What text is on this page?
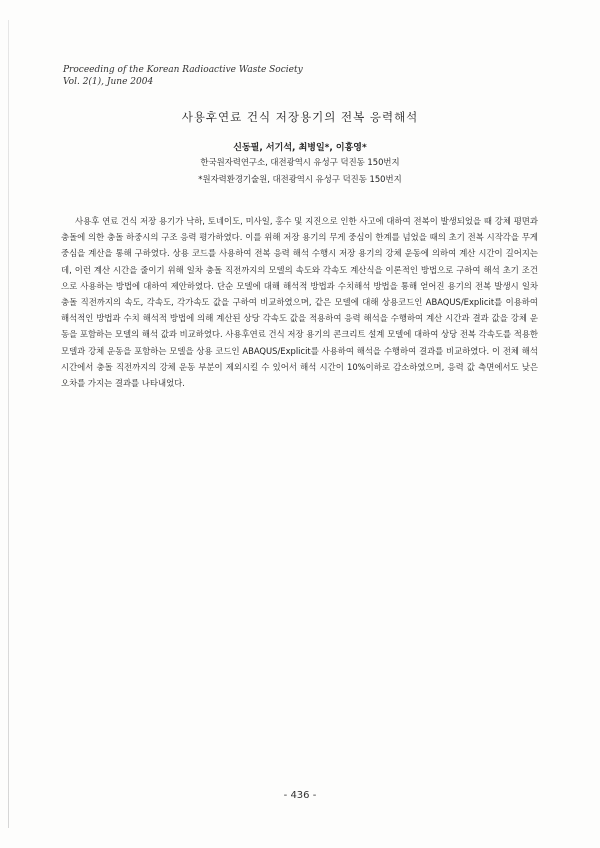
Proceeding of the Korean Radioactive Waste Society
Vol. 2(1), June 2004
사용후연료 건식 저장용기의 전복 응력해석
신동필, 서기석, 최병일*, 이흥영*
한국원자력연구소, 대전광역시 유성구 덕진동 150번지
*원자력환경기술원, 대전광역시 유성구 덕진동 150번지

사용후 연료 건식 저장 용기가 낙하, 토네이도, 미사일, 홍수 및 지진으로 인한 사고에 대하여 전복이 발생되었을 때 강체 평면과 충돌에 의한 충돌 하중시의 구조 응력 평가하였다. 이를 위해 저장 용기의 무게 중심이 한계를 넘었을 때의 초기 전복 시작각을 무게 중심을 계산을 통해 구하였다. 상용 코드를 사용하여 전복 응력 해석 수행시 저장 용기의 강체 운동에 의하여 계산 시간이 길어지는 데, 이런 계산 시간을 줄이기 위해 일차 충돌 직전까지의 모델의 속도와 각속도 계산식을 이론적인 방법으로 구하여 해석 초기 조건으로 사용하는 방법에 대하여 제안하였다. 단순 모델에 대해 해석적 방법과 수치해석 방법을 통해 얻어진 용기의 전복 발생시 일차 충돌 직전까지의 속도, 각속도, 각가속도 값을 구하여 비교하였으며, 같은 모델에 대해 상용코드인 ABAQUS/Explicit를 이용하여 해석적인 방법과 수치 해석적 방법에 의해 계산된 상당 각속도 값을 적용하여 응력 해석을 수행하여 계산 시간과 결과 값을 강체 운동을 포함하는 모델의 해석 값과 비교하였다. 사용후연료 건식 저장 용기의 콘크리트 설계 모델에 대하여 상당 전복 각속도를 적용한 모델과 강체 운동을 포함하는 모델을 상용 코드인 ABAQUS/Explicit를 사용하여 해석을 수행하여 결과를 비교하였다. 이 전체 해석 시간에서 충돌 직전까지의 강체 운동 부분이 제외시킬 수 있어서 해석 시간이 10%이하로 감소하였으며, 응력 값 측면에서도 낮은 오차를 가지는 결과를 나타내었다.

- 436 -
